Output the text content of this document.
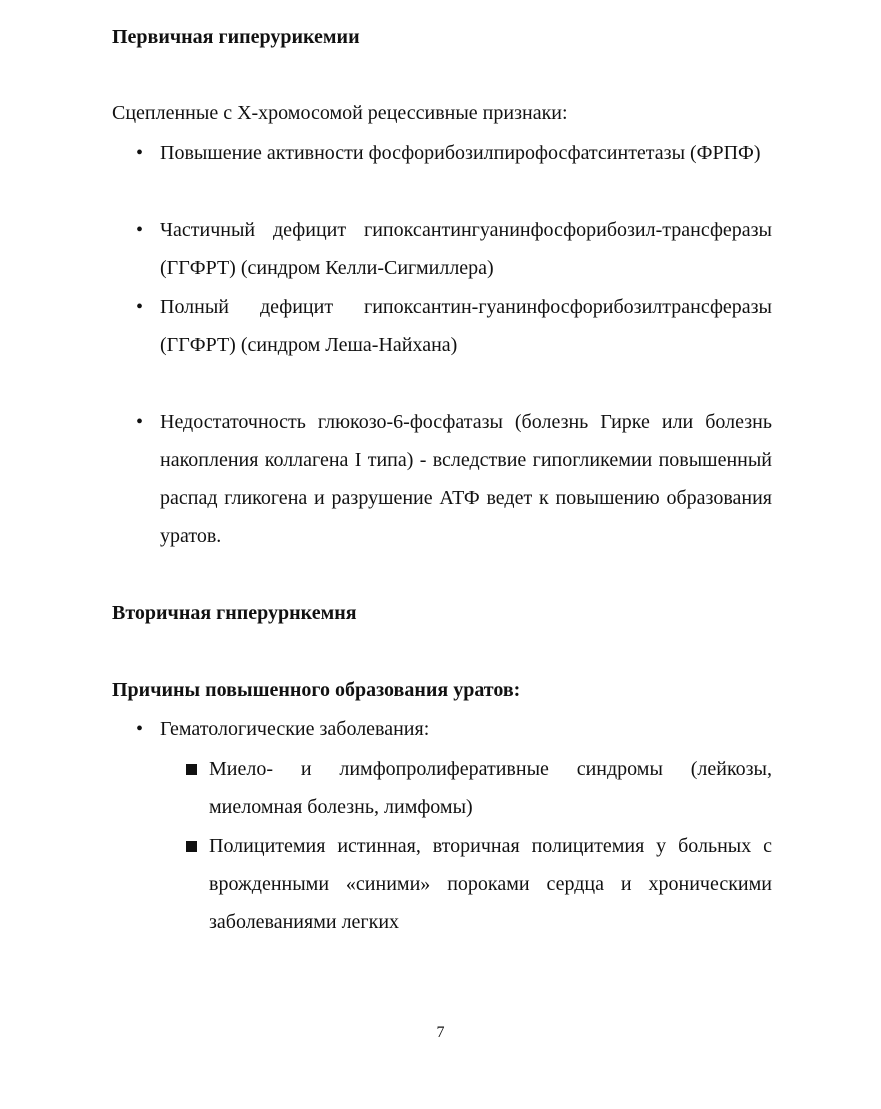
Первичная гиперурикемии

Сцепленные с X-хромосомой рецессивные признаки:

• Повышение активности фосфорибозилпирофосфатсинтетазы (ФРПФ)
• Частичный дефицит гипоксантингуанинфосфорибозил-трансферазы (ГГФРТ) (синдром Келли-Сигмиллера)
• Полный дефицит гипоксантин-гуанинфосфорибозилтрансферазы (ГГФРТ) (синдром Леша-Найхана)
• Недостаточность глюкозо-6-фосфатазы (болезнь Гирке или болезнь накопления коллагена I типа) - вследствие гипогликемии повышенный распад гликогена и разрушение АТФ ведет к повышению образования уратов.
Вторичная гнперурнкемня
Причины повышенного образования уратов:
• Гематологические заболевания:
Миело- и лимфопролиферативные синдромы (лейкозы, миеломная болезнь, лимфомы)
Полицитемия истинная, вторичная полицитемия у больных с врожденными «синими» пороками сердца и хроническими заболеваниями легких
7
